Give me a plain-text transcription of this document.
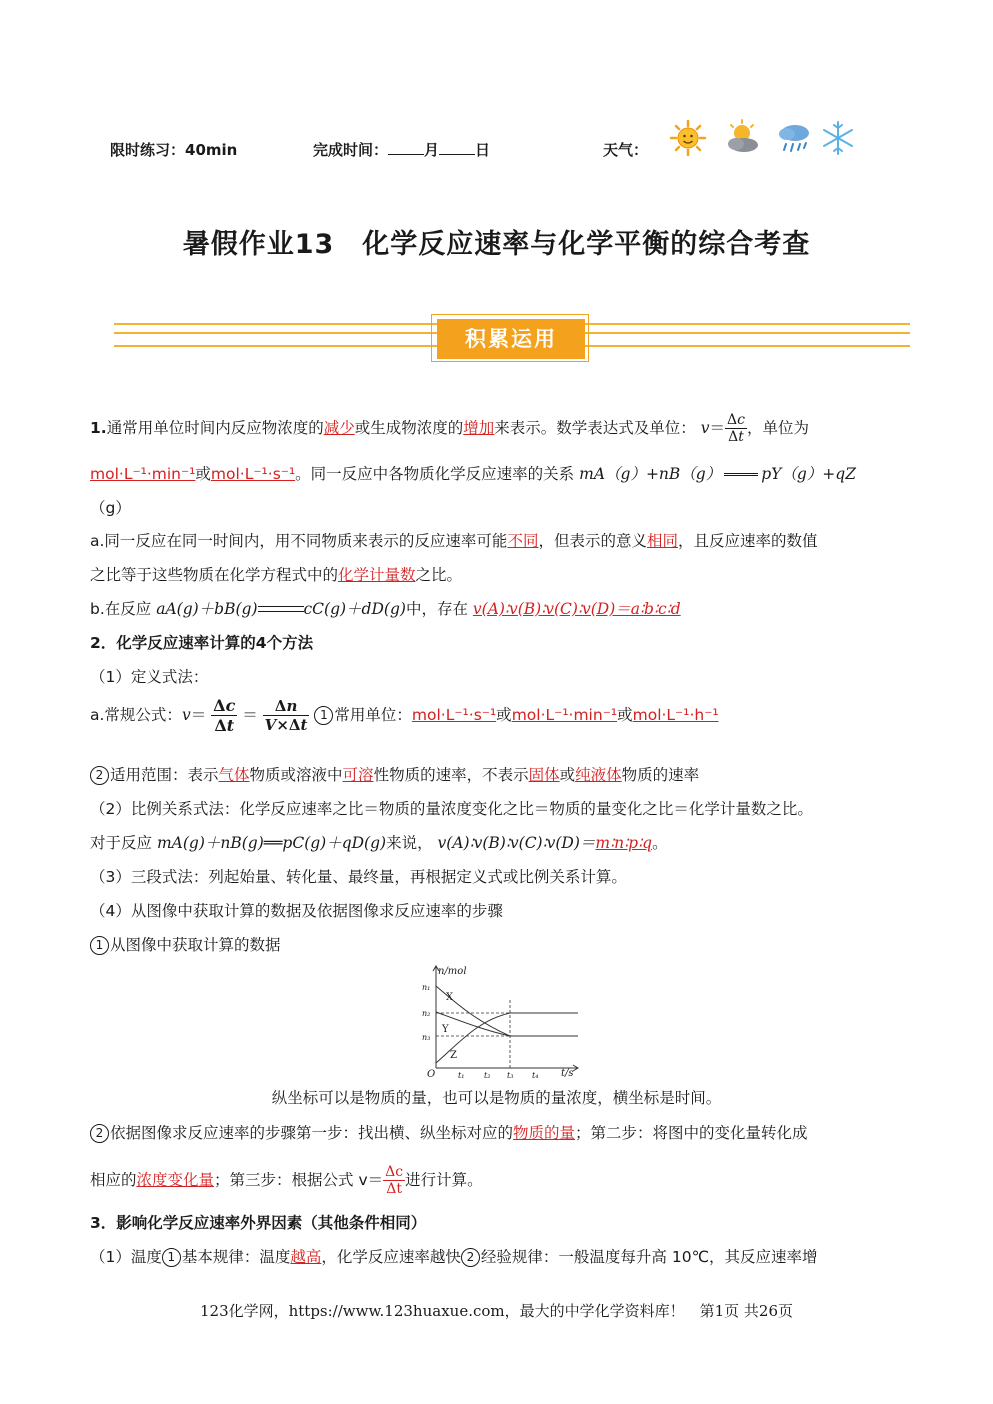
限时练习：40min	完成时间： 月 日	天气：
暑假作业13　化学反应速率与化学平衡的综合考查
积累运用
1.通常用单位时间内反应物浓度的减少或生成物浓度的增加来表示。数学表达式及单位： $v= \frac{\Delta c}{\Delta t}$ ，单位为
mol·L⁻¹·min⁻¹或mol·L⁻¹·s⁻¹。同一反应中各物质化学反应速率的关系 mA（g）+nB（g）	pY（g）+qZ
（g）
a.同一反应在同一时间内，用不同物质来表示的反应速率可能不同，但表示的意义相同，且反应速率的数值
之比等于这些物质在化学方程式中的化学计量数之比。
b.在反应 aA(g)＋bB(g)	cC(g)＋dD(g)中，存在 v(A)∶v(B)∶v(C)∶v(D)＝a∶b∶c∶d
2．化学反应速率计算的4个方法
（1）定义式法：
a.常规公式：$v= \frac{\Delta c}{\Delta t} = \frac{\Delta n}{V\times\Delta t} 1$ 常用单位：mol·L⁻¹·s⁻¹或mol·L⁻¹·min⁻¹或mol·L⁻¹·h⁻¹
2 适用范围：表示气体物质或溶液中可溶性物质的速率，不表示固体或纯液体物质的速率
（2）比例关系式法：化学反应速率之比＝物质的量浓度变化之比＝物质的量变化之比＝化学计量数之比。
对于反应 mA(g)＋nB(g)══pC(g)＋qD(g)来说， v(A)∶v(B)∶v(C)∶v(D)＝m∶n∶p∶q。
（3）三段式法：列起始量、转化量、最终量，再根据定义式或比例关系计算。
（4）从图像中获取计算的数据及依据图像求反应速率的步骤
1 从图像中获取计算的数据
n/mol
t/s
O
n₁
n₂
n₃
t₁ t₂ t₃ t₄
X
Y
Z
纵坐标可以是物质的量，也可以是物质的量浓度，横坐标是时间。
2 依据图像求反应速率的步骤第一步：找出横、纵坐标对应的物质的量；第二步：将图中的变化量转化成
相应的浓度变化量；第三步：根据公式 $v= \frac{\Delta c}{\Delta t}$ 进行计算。
3．影响化学反应速率外界因素（其他条件相同）
（1）温度 1 基本规律：温度越高，化学反应速率越快 2 经验规律：一般温度每升高 10℃，其反应速率增
123化学网，https://www.123huaxue.com，最大的中学化学资料库！　第1页 共26页
